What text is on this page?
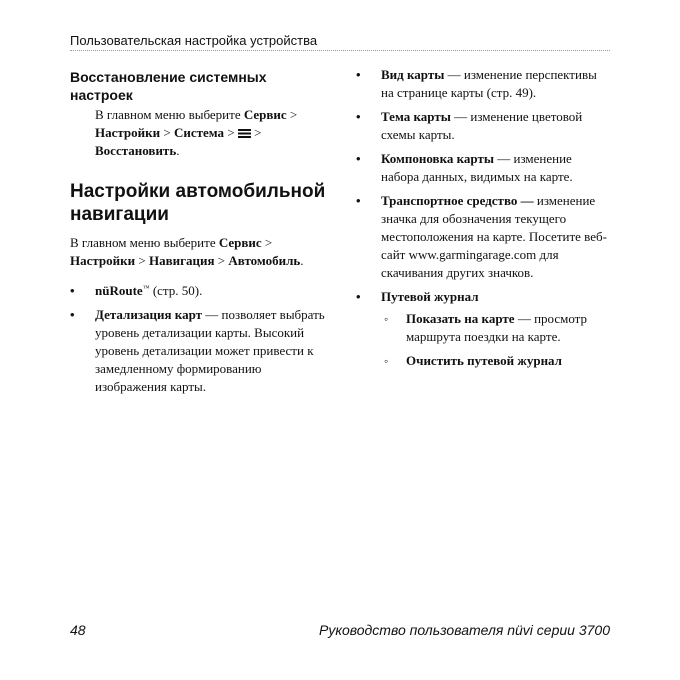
Пользовательская настройка устройства
Восстановление системных настроек

В главном меню выберите Сервис > Настройки > Система >  > Восстановить.

Настройки автомобильной навигации

В главном меню выберите Сервис > Настройки > Навигация > Автомобиль.

• nüRoute™ (стр. 50).
• Детализация карт — позволяет выбрать уровень детализации карты. Высокий уровень детализации может привести к замедленному формированию изображения карты.
• Вид карты — изменение перспективы на странице карты (стр. 49).
• Тема карты — изменение цветовой схемы карты.
• Компоновка карты — изменение набора данных, видимых на карте.
• Транспортное средство — изменение значка для обозначения текущего местоположения на карте. Посетите веб-сайт www.garmingarage.com для скачивания других значков.
• Путевой журнал
◦ Показать на карте — просмотр маршрута поездки на карте.
◦ Очистить путевой журнал
48	Руководство пользователя nüvi серии 3700
